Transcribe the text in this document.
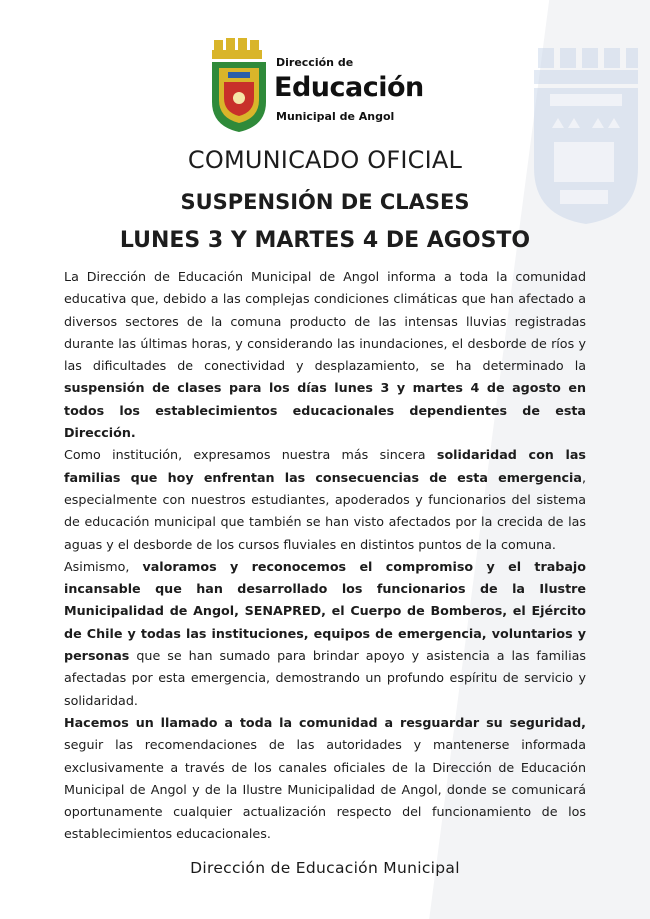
Dirección de
Educación
Municipal de Angol
COMUNICADO OFICIAL
SUSPENSIÓN DE CLASES
LUNES 3 Y MARTES 4 DE AGOSTO

La Dirección de Educación Municipal de Angol informa a toda la comunidad educativa que, debido a las complejas condiciones climáticas que han afectado a diversos sectores de la comuna producto de las intensas lluvias registradas durante las últimas horas, y considerando las inundaciones, el desborde de ríos y las dificultades de conectividad y desplazamiento, se ha determinado la suspensión de clases para los días lunes 3 y martes 4 de agosto en todos los establecimientos educacionales dependientes de esta Dirección.

Como institución, expresamos nuestra más sincera solidaridad con las familias que hoy enfrentan las consecuencias de esta emergencia, especialmente con nuestros estudiantes, apoderados y funcionarios del sistema de educación municipal que también se han visto afectados por la crecida de las aguas y el desborde de los cursos fluviales en distintos puntos de la comuna.

Asimismo, valoramos y reconocemos el compromiso y el trabajo incansable que han desarrollado los funcionarios de la Ilustre Municipalidad de Angol, SENAPRED, el Cuerpo de Bomberos, el Ejército de Chile y todas las instituciones, equipos de emergencia, voluntarios y personas que se han sumado para brindar apoyo y asistencia a las familias afectadas por esta emergencia, demostrando un profundo espíritu de servicio y solidaridad.

Hacemos un llamado a toda la comunidad a resguardar su seguridad, seguir las recomendaciones de las autoridades y mantenerse informada exclusivamente a través de los canales oficiales de la Dirección de Educación Municipal de Angol y de la Ilustre Municipalidad de Angol, donde se comunicará oportunamente cualquier actualización respecto del funcionamiento de los establecimientos educacionales.

Dirección de Educación Municipal
